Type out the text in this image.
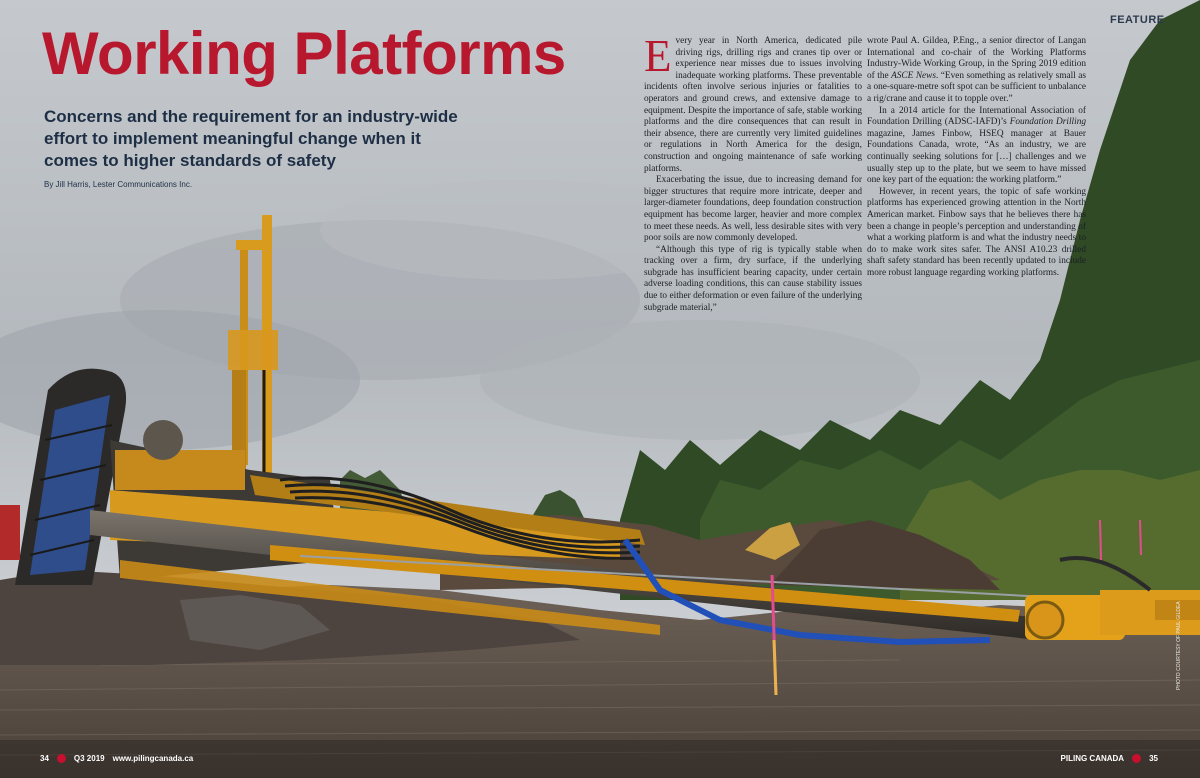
FEATURE
Working Platforms

Concerns and the requirement for an industry-wide effort to implement meaningful change when it comes to higher standards of safety

By Jill Harris, Lester Communications Inc.

Every year in North America, dedicated pile driving rigs, drilling rigs and cranes tip over or experience near misses due to issues involving inadequate working platforms. These preventable incidents often involve serious injuries or fatalities to operators and ground crews, and extensive damage to equipment. Despite the importance of safe, stable working platforms and the dire consequences that can result in their absence, there are currently very limited guidelines or regulations in North America for the design, construction and ongoing maintenance of safe working platforms.

Exacerbating the issue, due to increasing demand for bigger structures that require more intricate, deeper and larger-diameter foundations, deep foundation construction equipment has become larger, heavier and more complex to meet these needs. As well, less desirable sites with very poor soils are now commonly developed.

“Although this type of rig is typically stable when tracking over a firm, dry surface, if the underlying subgrade has insufficient bearing capacity, under certain adverse loading conditions, this can cause stability issues due to either deformation or even failure of the underlying subgrade material,”

wrote Paul A. Gildea, P.Eng., a senior director of Langan International and co-chair of the Working Platforms Industry-Wide Working Group, in the Spring 2019 edition of the ASCE News. “Even something as relatively small as a one-square-metre soft spot can be sufficient to unbalance a rig/crane and cause it to topple over.”

In a 2014 article for the International Association of Foundation Drilling (ADSC-IAFD)’s Foundation Drilling magazine, James Finbow, HSEQ manager at Bauer Foundations Canada, wrote, “As an industry, we are continually seeking solutions for […] challenges and we usually step up to the plate, but we seem to have missed one key part of the equation: the working platform.”

However, in recent years, the topic of safe working platforms has experienced growing attention in the North American market. Finbow says that he believes there has been a change in people’s perception and understanding of what a working platform is and what the industry needs to do to make work sites safer. The ANSI A10.23 drilled shaft safety standard has been recently updated to include more robust language regarding working platforms.

PHOTO COURTESY OF PAUL GILDEA
34	Q3 2019 www.pilingcanada.ca	PILING CANADA	35
